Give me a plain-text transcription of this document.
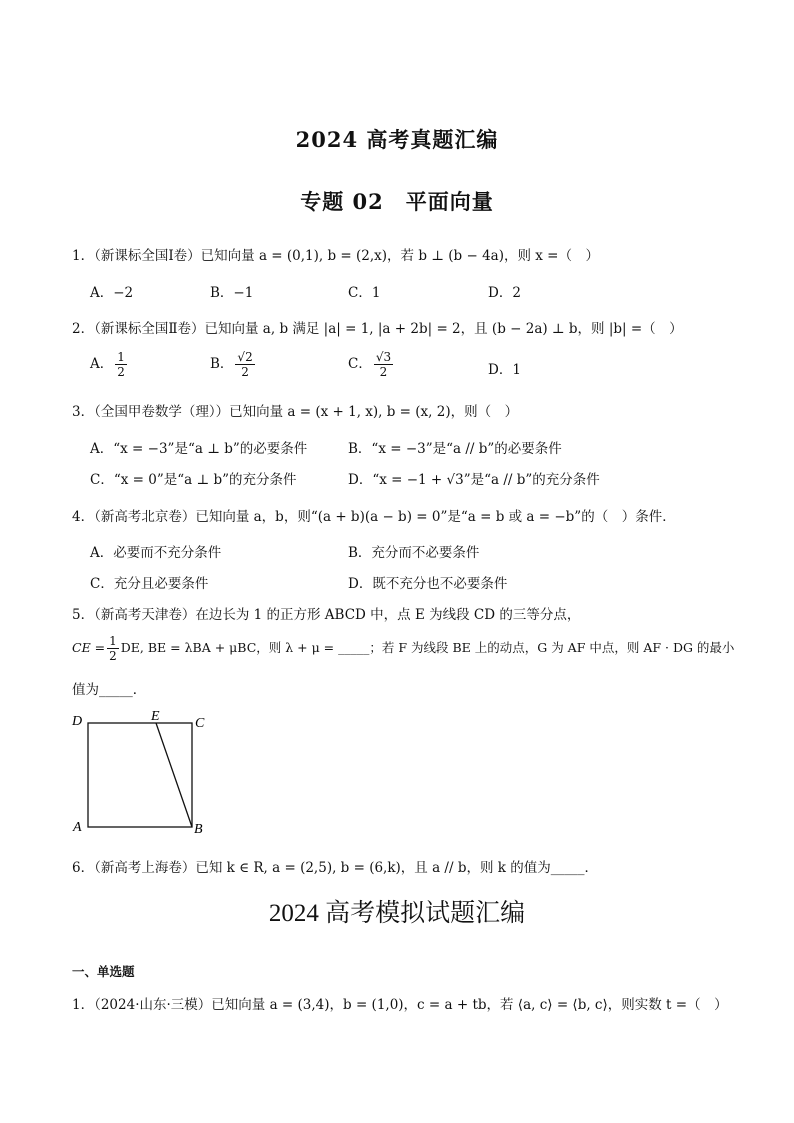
2024 高考真题汇编
专题 02　平面向量
1．（新课标全国Ⅰ卷）已知向量 a = (0,1), b = (2,x)，若 b ⊥ (b − 4a)，则 x =（　）
A．−2	B．−1	C．1	D．2
2．（新课标全国Ⅱ卷）已知向量 a, b 满足 |a| = 1, |a + 2b| = 2，且 (b − 2a) ⊥ b，则 |b| =（　）
A． $\frac{1}{2}$	B． $\frac{√2}{2}$	C． $\frac{√3}{2}$	D．1
3．（全国甲卷数学（理））已知向量 a = (x + 1, x), b = (x, 2)，则（　）
A．“x = −3”是“a ⊥ b”的必要条件	B．“x = −3”是“a // b”的必要条件
C．“x = 0”是“a ⊥ b”的充分条件	D．“x = −1 + √3”是“a // b”的充分条件
4．（新高考北京卷）已知向量 a，b，则“(a + b)(a − b) = 0”是“a = b 或 a = −b”的（　）条件．
A．必要而不充分条件	B．充分而不必要条件
C．充分且必要条件	D．既不充分也不必要条件
5．（新高考天津卷）在边长为 1 的正方形 ABCD 中，点 E 为线段 CD 的三等分点，
CE = $\frac{1}{2}$ DE, BE = λBA + μBC，则 λ + μ = _____；若 F 为线段 BE 上的动点，G 为 AF 中点，则 AF · DG 的最小
值为_____．
D	E	C
A	B
6．（新高考上海卷）已知 k ∈ R, a = (2,5), b = (6,k)，且 a // b，则 k 的值为_____．
2024 高考模拟试题汇编
一、单选题
1．（2024·山东·三模）已知向量 a = (3,4)，b = (1,0)，c = a + tb，若 ⟨a, c⟩ = ⟨b, c⟩，则实数 t =（　）
